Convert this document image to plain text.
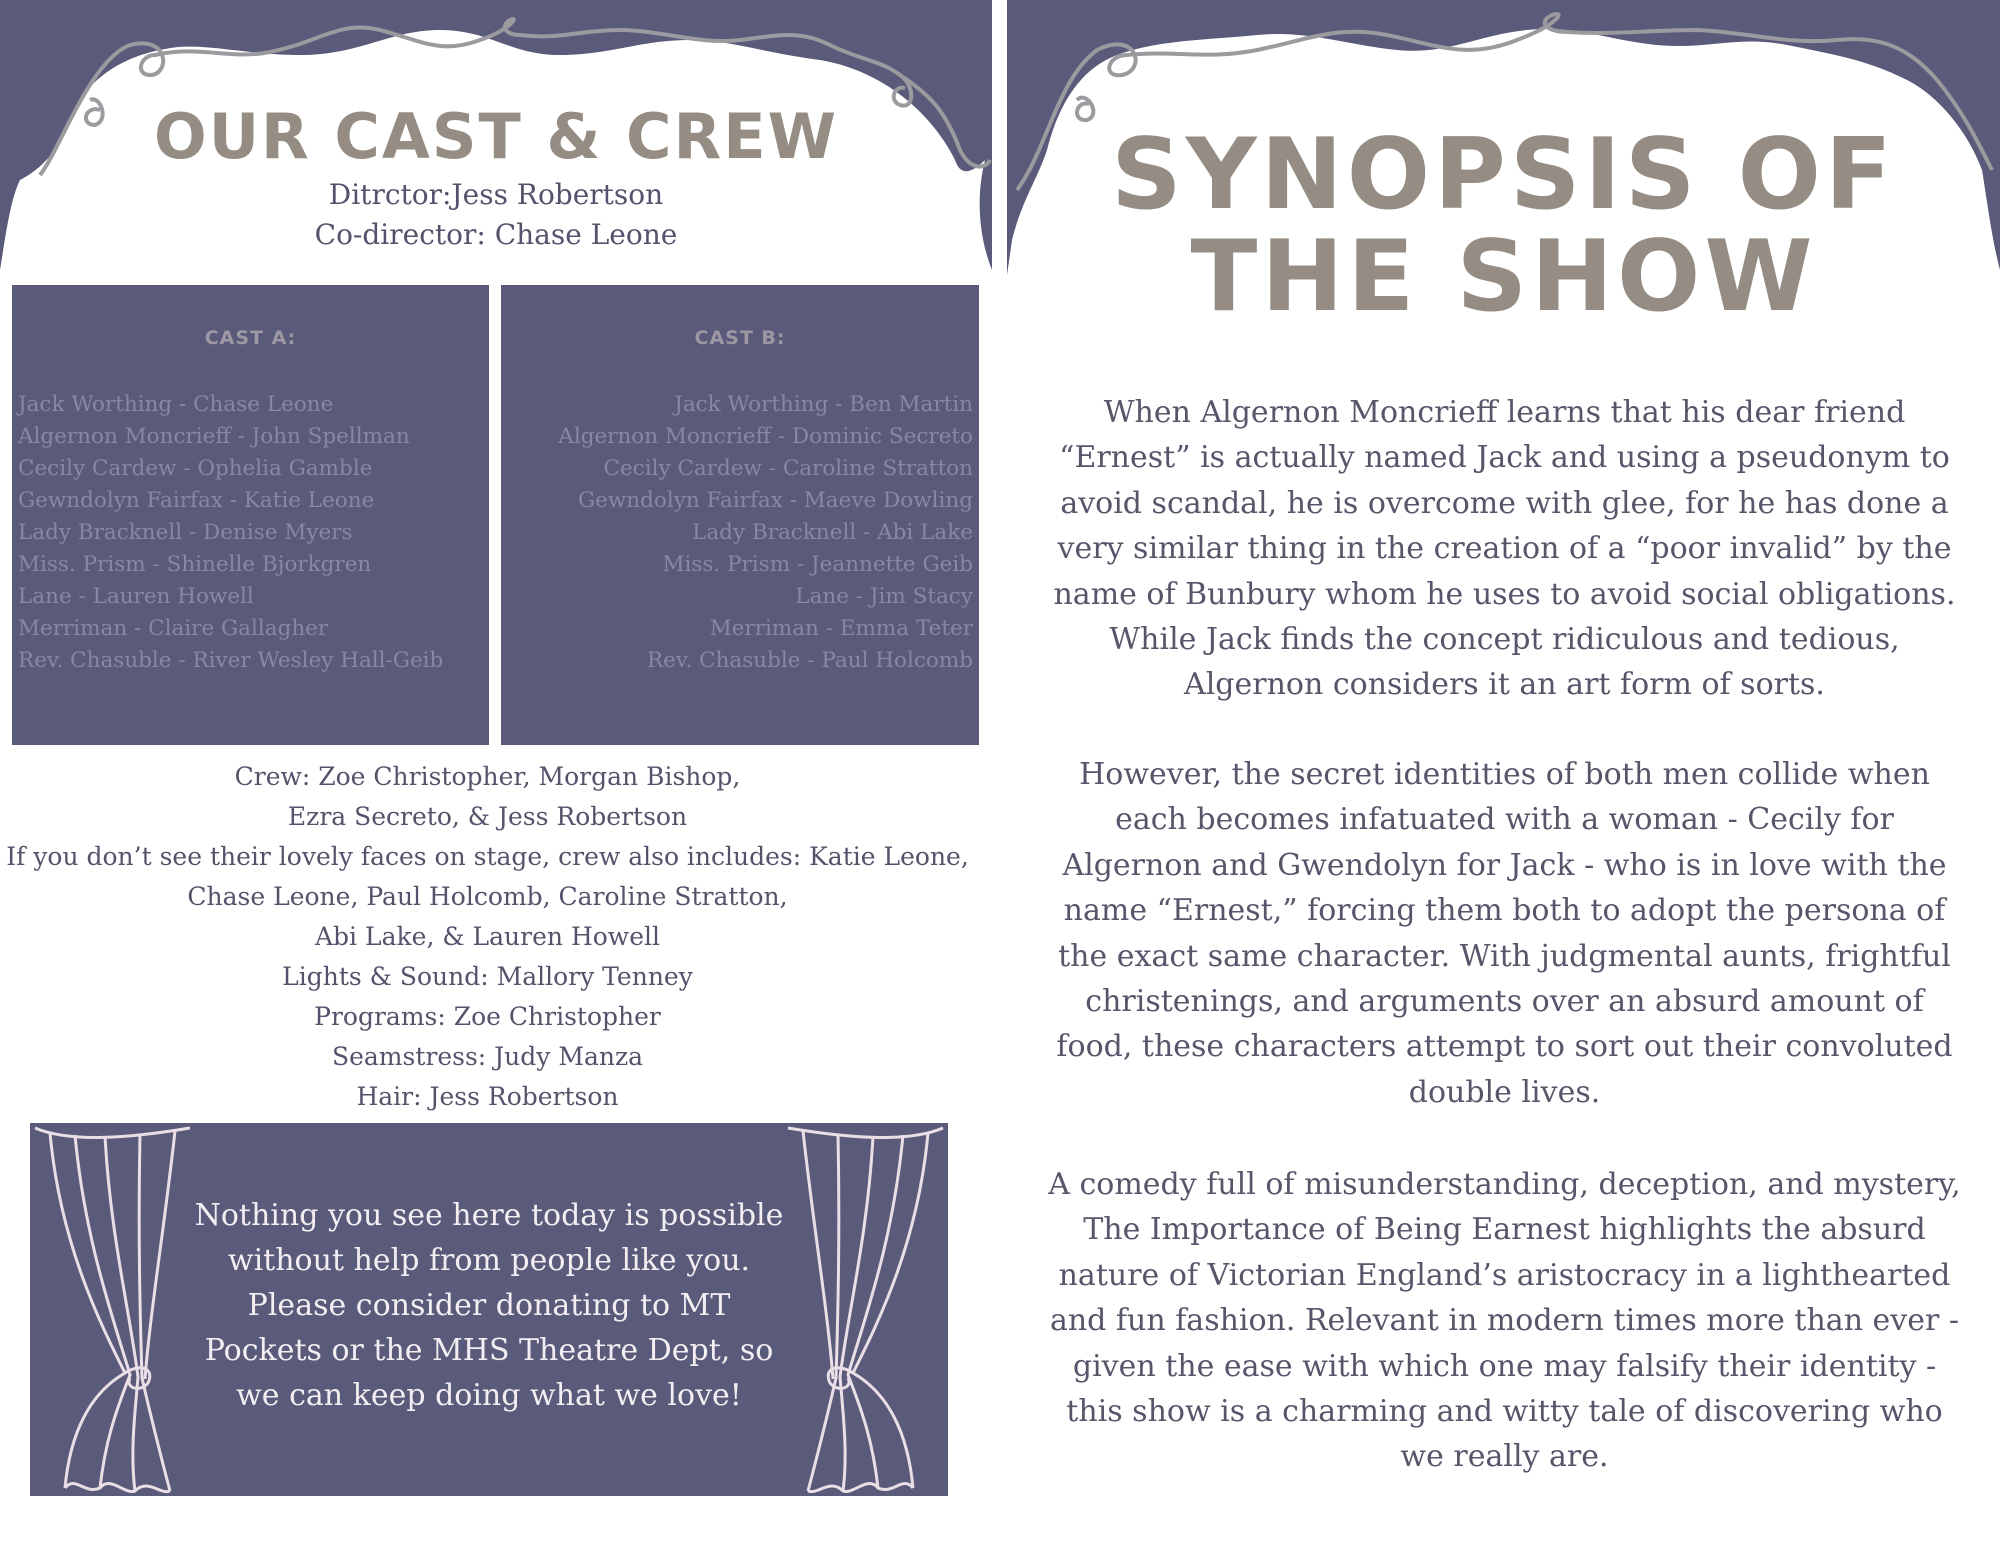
OUR CAST & CREW
Ditrctor:Jess Robertson
Co-director: Chase Leone
CAST A:
Jack Worthing - Chase Leone
Algernon Moncrieff - John Spellman
Cecily Cardew - Ophelia Gamble
Gewndolyn Fairfax - Katie Leone
Lady Bracknell - Denise Myers
Miss. Prism - Shinelle Bjorkgren
Lane - Lauren Howell
Merriman - Claire Gallagher
Rev. Chasuble - River Wesley Hall-Geib
CAST B:
Jack Worthing - Ben Martin
Algernon Moncrieff - Dominic Secreto
Cecily Cardew - Caroline Stratton
Gewndolyn Fairfax - Maeve Dowling
Lady Bracknell - Abi Lake
Miss. Prism - Jeannette Geib
Lane - Jim Stacy
Merriman - Emma Teter
Rev. Chasuble - Paul Holcomb
Crew: Zoe Christopher, Morgan Bishop,
Ezra Secreto, & Jess Robertson
If you don’t see their lovely faces on stage, crew also includes: Katie Leone,
Chase Leone, Paul Holcomb, Caroline Stratton,
Abi Lake, & Lauren Howell
Lights & Sound: Mallory Tenney
Programs: Zoe Christopher
Seamstress: Judy Manza
Hair: Jess Robertson
Nothing you see here today is possible without help from people like you. Please consider donating to MT Pockets or the MHS Theatre Dept, so we can keep doing what we love!
SYNOPSIS OF
THE SHOW

When Algernon Moncrieff learns that his dear friend “Ernest” is actually named Jack and using a pseudonym to avoid scandal, he is overcome with glee, for he has done a very similar thing in the creation of a “poor invalid” by the name of Bunbury whom he uses to avoid social obligations. While Jack finds the concept ridiculous and tedious, Algernon considers it an art form of sorts.

However, the secret identities of both men collide when each becomes infatuated with a woman - Cecily for Algernon and Gwendolyn for Jack - who is in love with the name “Ernest,” forcing them both to adopt the persona of the exact same character. With judgmental aunts, frightful christenings, and arguments over an absurd amount of food, these characters attempt to sort out their convoluted double lives.

A comedy full of misunderstanding, deception, and mystery, The Importance of Being Earnest highlights the absurd nature of Victorian England’s aristocracy in a lighthearted and fun fashion. Relevant in modern times more than ever - given the ease with which one may falsify their identity - this show is a charming and witty tale of discovering who we really are.
